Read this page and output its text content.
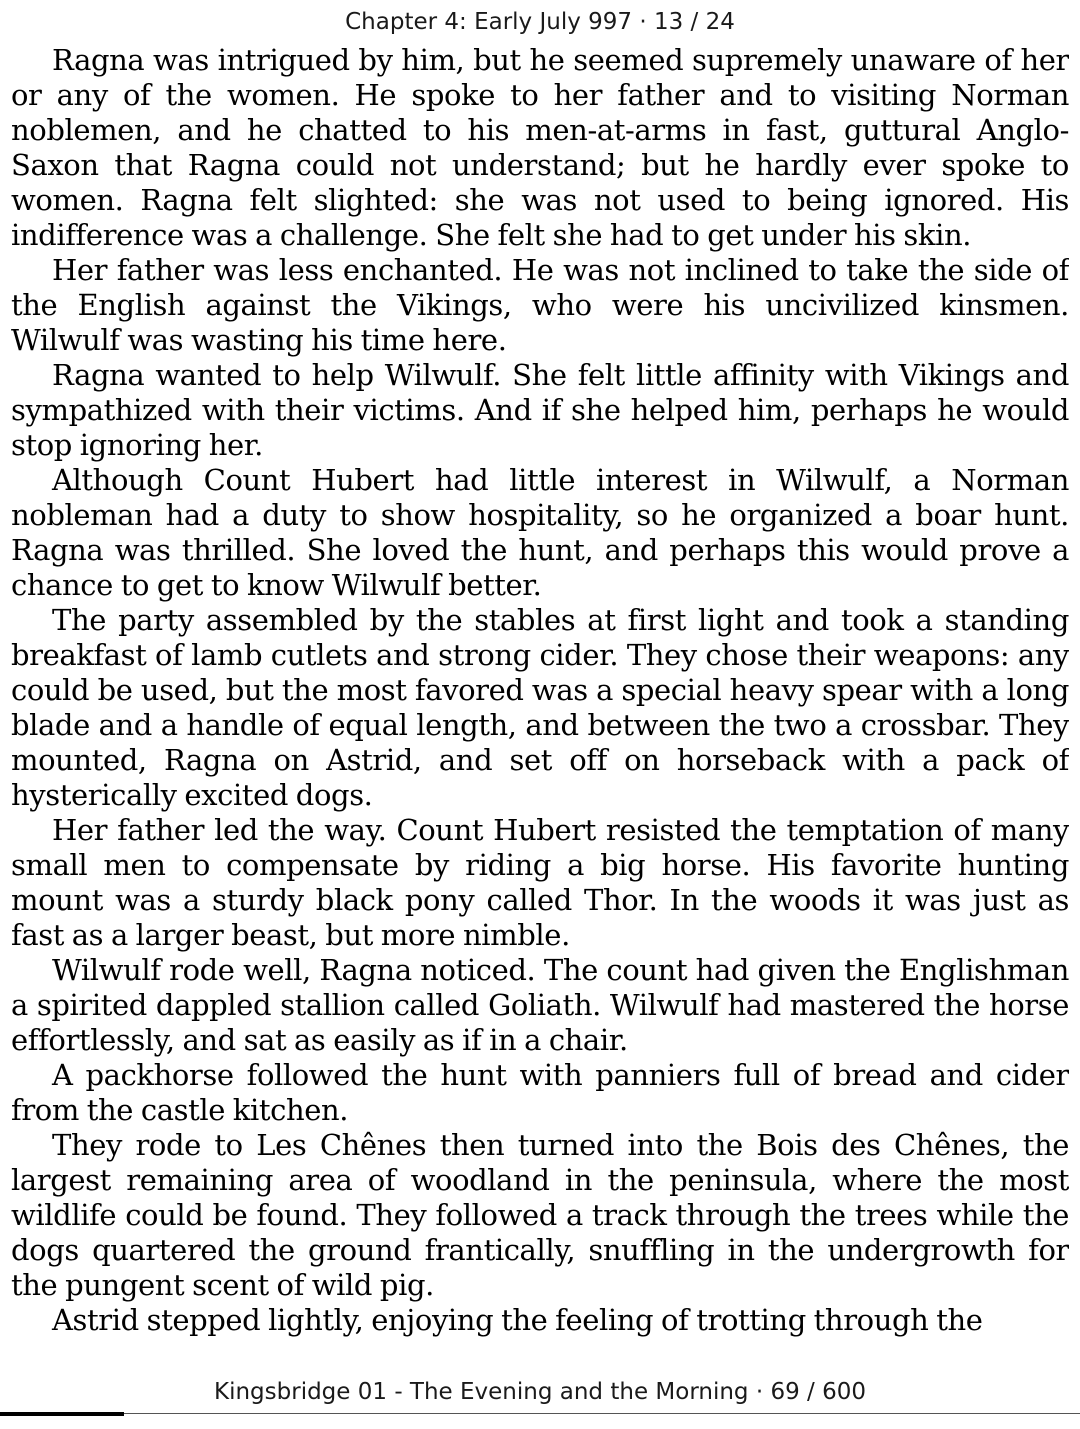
Chapter 4: Early July 997 · 13 / 24

Ragna was intrigued by him, but he seemed supremely unaware of her or any of the women. He spoke to her father and to visiting Norman noblemen, and he chatted to his men-at-arms in fast, guttural Anglo-Saxon that Ragna could not understand; but he hardly ever spoke to women. Ragna felt slighted: she was not used to being ignored. His indifference was a challenge. She felt she had to get under his skin.

Her father was less enchanted. He was not inclined to take the side of the English against the Vikings, who were his uncivilized kinsmen. Wilwulf was wasting his time here.

Ragna wanted to help Wilwulf. She felt little affinity with Vikings and sympathized with their victims. And if she helped him, perhaps he would stop ignoring her.

Although Count Hubert had little interest in Wilwulf, a Norman nobleman had a duty to show hospitality, so he organized a boar hunt. Ragna was thrilled. She loved the hunt, and perhaps this would prove a chance to get to know Wilwulf better.

The party assembled by the stables at first light and took a standing breakfast of lamb cutlets and strong cider. They chose their weapons: any could be used, but the most favored was a special heavy spear with a long blade and a handle of equal length, and between the two a crossbar. They mounted, Ragna on Astrid, and set off on horseback with a pack of hysterically excited dogs.

Her father led the way. Count Hubert resisted the temptation of many small men to compensate by riding a big horse. His favorite hunting mount was a sturdy black pony called Thor. In the woods it was just as fast as a larger beast, but more nimble.

Wilwulf rode well, Ragna noticed. The count had given the Englishman a spirited dappled stallion called Goliath. Wilwulf had mastered the horse effortlessly, and sat as easily as if in a chair.

A packhorse followed the hunt with panniers full of bread and cider from the castle kitchen.

They rode to Les Chênes then turned into the Bois des Chênes, the largest remaining area of woodland in the peninsula, where the most wildlife could be found. They followed a track through the trees while the dogs quartered the ground frantically, snuffling in the undergrowth for the pungent scent of wild pig.

Astrid stepped lightly, enjoying the feeling of trotting through the

Kingsbridge 01 - The Evening and the Morning · 69 / 600
